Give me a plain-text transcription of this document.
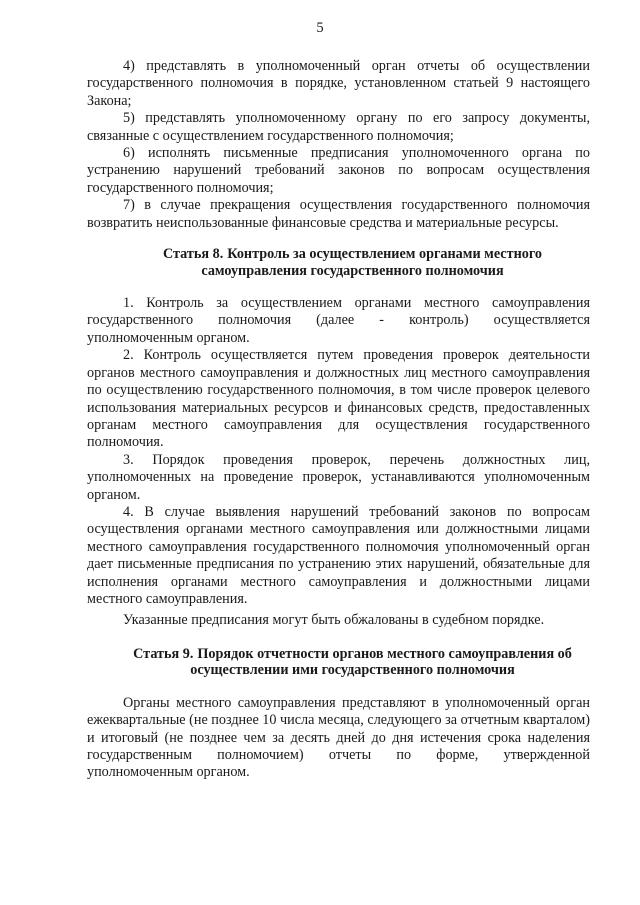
5

4) представлять в уполномоченный орган отчеты об осуществлении государственного полномочия в порядке, установленном статьей 9 настоящего Закона;

5) представлять уполномоченному органу по его запросу документы, связанные с осуществлением государственного полномочия;

6) исполнять письменные предписания уполномоченного органа по устранению нарушений требований законов по вопросам осуществления государственного полномочия;

7) в случае прекращения осуществления государственного полномочия возвратить неиспользованные финансовые средства и материальные ресурсы.

Статья 8. Контроль за осуществлением органами местного самоуправления государственного полномочия

1. Контроль за осуществлением органами местного самоуправления государственного полномочия (далее - контроль) осуществляется уполномоченным органом.

2. Контроль осуществляется путем проведения проверок деятельности органов местного самоуправления и должностных лиц местного самоуправления по осуществлению государственного полномочия, в том числе проверок целевого использования материальных ресурсов и финансовых средств, предоставленных органам местного самоуправления для осуществления государственного полномочия.

3. Порядок проведения проверок, перечень должностных лиц, уполномоченных на проведение проверок, устанавливаются уполномоченным органом.

4. В случае выявления нарушений требований законов по вопросам осуществления органами местного самоуправления или должностными лицами местного самоуправления государственного полномочия уполномоченный орган дает письменные предписания по устранению этих нарушений, обязательные для исполнения органами местного самоуправления и должностными лицами местного самоуправления.

Указанные предписания могут быть обжалованы в судебном порядке.

Статья 9. Порядок отчетности органов местного самоуправления об осуществлении ими государственного полномочия

Органы местного самоуправления представляют в уполномоченный орган ежеквартальные (не позднее 10 числа месяца, следующего за отчетным кварталом) и итоговый (не позднее чем за десять дней до дня истечения срока наделения государственным полномочием) отчеты по форме, утвержденной уполномоченным органом.
